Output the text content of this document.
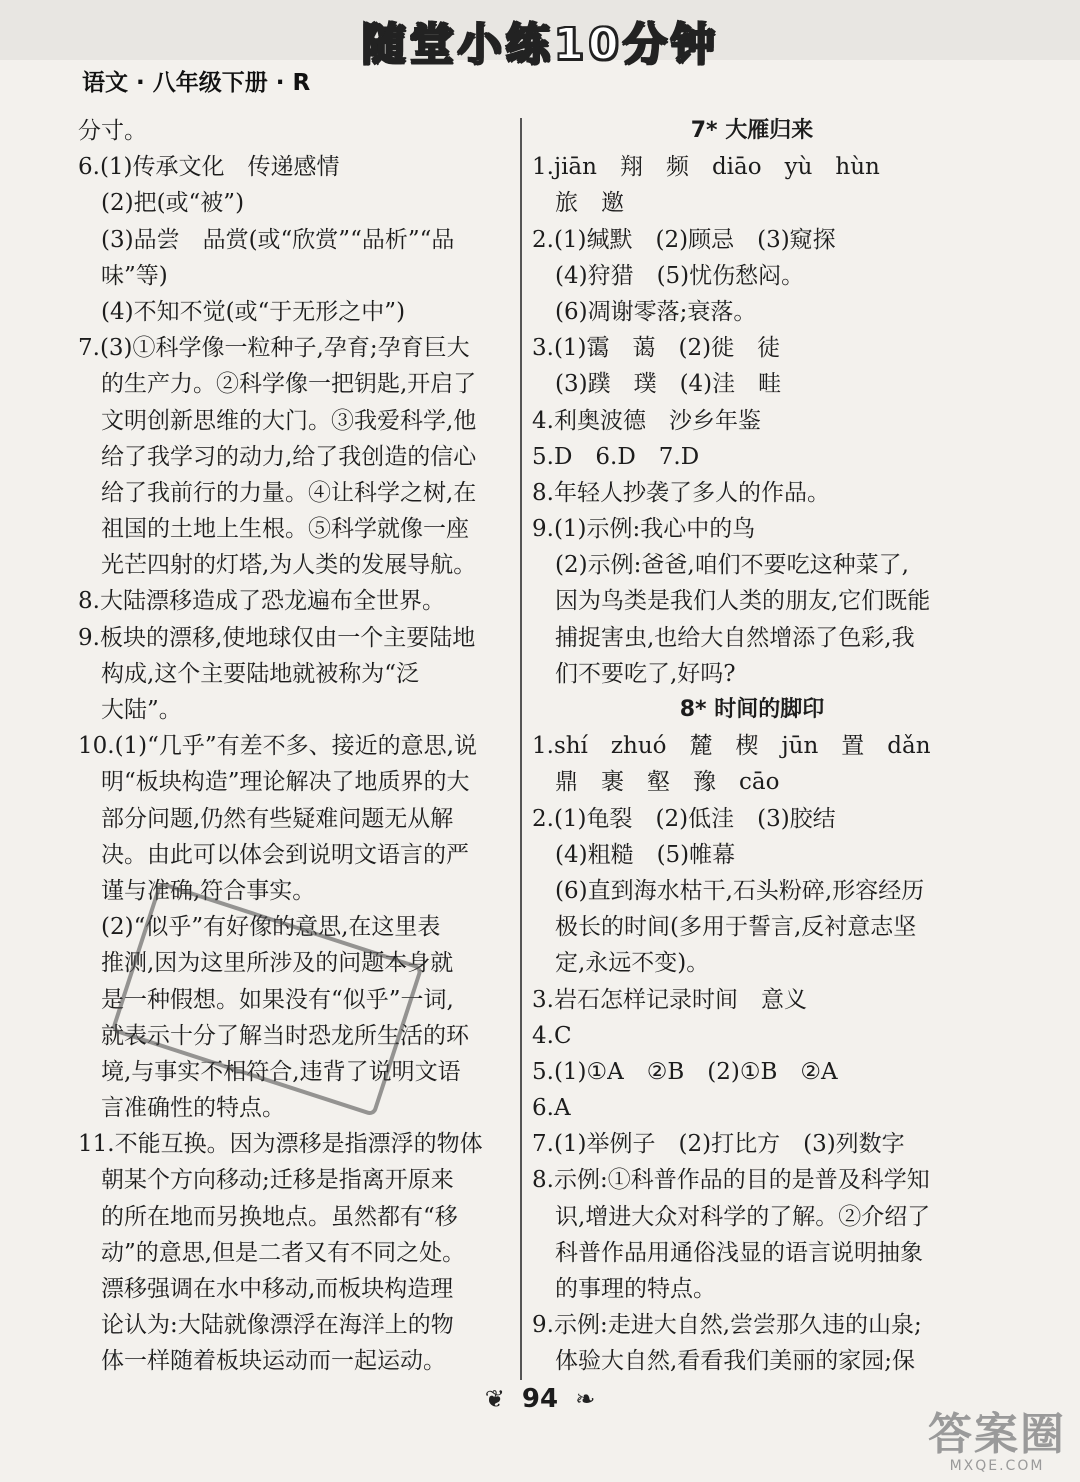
随堂小练10分钟
语文 · 八年级下册 · R
分寸。
6.(1)传承文化　传递感情
　(2)把(或“被”)
　(3)品尝　品赏(或“欣赏”“品析”“品
　味”等)
　(4)不知不觉(或“于无形之中”)
7.(3)①科学像一粒种子,孕育;孕育巨大
　的生产力。②科学像一把钥匙,开启了
　文明创新思维的大门。③我爱科学,他
　给了我学习的动力,给了我创造的信心
　给了我前行的力量。④让科学之树,在
　祖国的土地上生根。⑤科学就像一座
　光芒四射的灯塔,为人类的发展导航。
8.大陆漂移造成了恐龙遍布全世界。
9.板块的漂移,使地球仅由一个主要陆地
　构成,这个主要陆地就被称为“泛
　大陆”。
10.(1)“几乎”有差不多、接近的意思,说
　明“板块构造”理论解决了地质界的大
　部分问题,仍然有些疑难问题无从解
　决。由此可以体会到说明文语言的严
　谨与准确,符合事实。
　(2)“似乎”有好像的意思,在这里表
　推测,因为这里所涉及的问题本身就
　是一种假想。如果没有“似乎”一词,
　就表示十分了解当时恐龙所生活的环
　境,与事实不相符合,违背了说明文语
　言准确性的特点。
11.不能互换。因为漂移是指漂浮的物体
　朝某个方向移动;迁移是指离开原来
　的所在地而另换地点。虽然都有“移
　动”的意思,但是二者又有不同之处。
　漂移强调在水中移动,而板块构造理
　论认为:大陆就像漂浮在海洋上的物
　体一样随着板块运动而一起运动。
7* 大雁归来
1.jiān　翔　频　diāo　yù　hùn
　旅　邀
2.(1)缄默　(2)顾忌　(3)窥探
　(4)狩猎　(5)忧伤愁闷。
　(6)凋谢零落;衰落。
3.(1)霭　蔼　(2)徙　徒
　(3)蹼　璞　(4)洼　畦
4.利奥波德　沙乡年鉴
5.D　6.D　7.D
8.年轻人抄袭了多人的作品。
9.(1)示例:我心中的鸟
　(2)示例:爸爸,咱们不要吃这种菜了,
　因为鸟类是我们人类的朋友,它们既能
　捕捉害虫,也给大自然增添了色彩,我
　们不要吃了,好吗?
8* 时间的脚印
1.shí　zhuó　麓　楔　jūn　置　dǎn
　鼎　裹　壑　豫　cāo
2.(1)龟裂　(2)低洼　(3)胶结
　(4)粗糙　(5)帷幕
　(6)直到海水枯干,石头粉碎,形容经历
　极长的时间(多用于誓言,反衬意志坚
　定,永远不变)。
3.岩石怎样记录时间　意义
4.C
5.(1)①A　②B　(2)①B　②A
6.A
7.(1)举例子　(2)打比方　(3)列数字
8.示例:①科普作品的目的是普及科学知
　识,增进大众对科学的了解。②介绍了
　科普作品用通俗浅显的语言说明抽象
　的事理的特点。
9.示例:走进大自然,尝尝那久违的山泉;
　体验大自然,看看我们美丽的家园;保
❦ 94 ❧
答案圈
MXQE.COM
